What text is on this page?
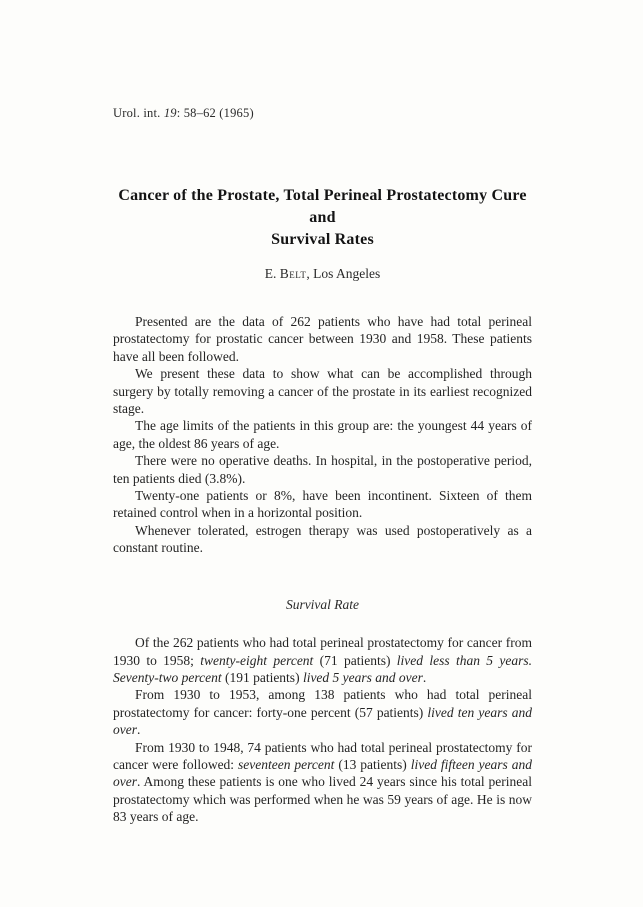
Urol. int. 19: 58–62 (1965)
Cancer of the Prostate, Total Perineal Prostatectomy Cure and
Survival Rates
E. Belt, Los Angeles

Presented are the data of 262 patients who have had total perineal prostatectomy for prostatic cancer between 1930 and 1958. These patients have all been followed.

We present these data to show what can be accomplished through surgery by totally removing a cancer of the prostate in its earliest recognized stage.

The age limits of the patients in this group are: the youngest 44 years of age, the oldest 86 years of age.

There were no operative deaths. In hospital, in the postoperative period, ten patients died (3.8%).

Twenty-one patients or 8%, have been incontinent. Sixteen of them retained control when in a horizontal position.

Whenever tolerated, estrogen therapy was used postoperatively as a constant routine.

Survival Rate

Of the 262 patients who had total perineal prostatectomy for cancer from 1930 to 1958; twenty-eight percent (71 patients) lived less than 5 years. Seventy-two percent (191 patients) lived 5 years and over.

From 1930 to 1953, among 138 patients who had total perineal prostatectomy for cancer: forty-one percent (57 patients) lived ten years and over.

From 1930 to 1948, 74 patients who had total perineal prostatectomy for cancer were followed: seventeen percent (13 patients) lived fifteen years and over. Among these patients is one who lived 24 years since his total perineal prostatectomy which was performed when he was 59 years of age. He is now 83 years of age.
